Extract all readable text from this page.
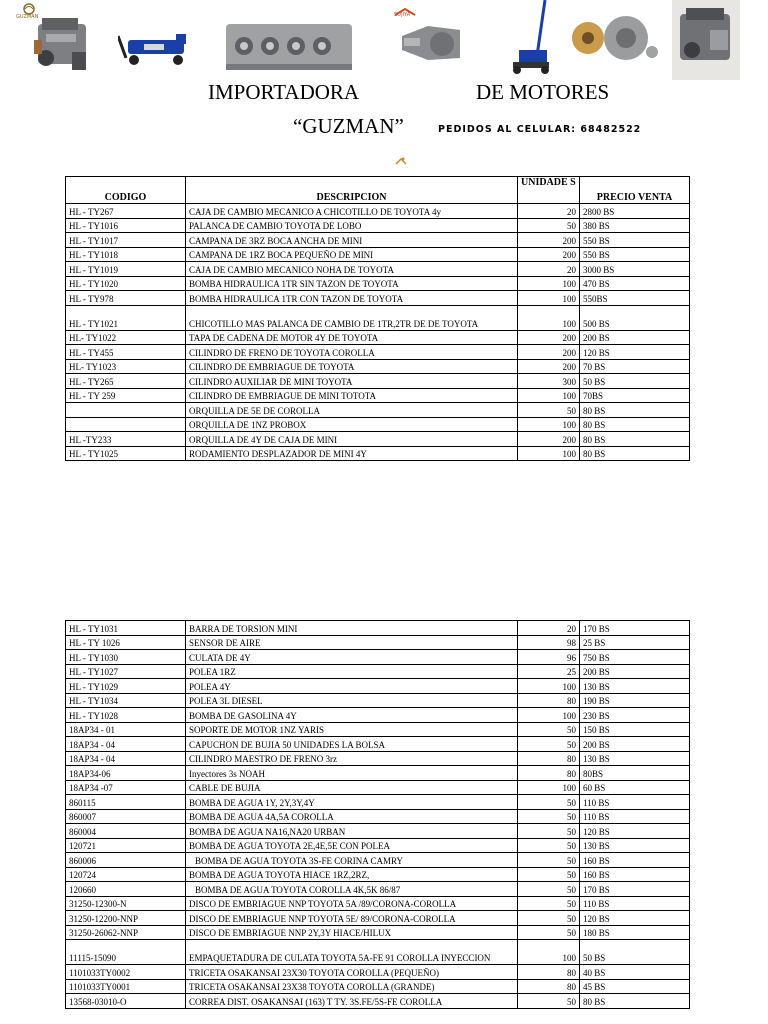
GUZMAN	SOJIYA
IMPORTADORA	DE MOTORES
“GUZMAN”	PEDIDOS AL CELULAR: 68482522
CODIGO	DESCRIPCION	UNIDADE S	PRECIO VENTA
HL - TY267	CAJA DE CAMBIO MECANICO A CHICOTILLO DE TOYOTA 4y	20	2800 BS
HL - TY1016	PALANCA DE CAMBIO TOYOTA DE LOBO	50	380 BS
HL - TY1017	CAMPANA DE 3RZ BOCA ANCHA DE MINI	200	550 BS
HL - TY1018	CAMPANA DE 1RZ BOCA PEQUEÑO DE MINI	200	550 BS
HL - TY1019	CAJA DE CAMBIO MECANICO NOHA DE TOYOTA	20	3000 BS
HL - TY1020	BOMBA HIDRAULICA 1TR SIN TAZON DE TOYOTA	100	470 BS
HL - TY978	BOMBA HIDRAULICA 1TR CON TAZON DE TOYOTA	100	550BS
HL - TY1021	CHICOTILLO MAS PALANCA DE CAMBIO DE 1TR,2TR DE DE TOYOTA	100	500 BS
HL- TY1022	TAPA DE CADENA DE MOTOR 4Y DE TOYOTA	200	200 BS
HL - TY455	CILINDRO DE FRENO DE TOYOTA COROLLA	200	120 BS
HL- TY1023	CILINDRO DE EMBRIAGUE DE TOYOTA	200	70 BS
HL - TY265	CILINDRO AUXILIAR DE MINI TOYOTA	300	50 BS
HL - TY 259	CILINDRO DE EMBRIAGUE DE MINI TOTOTA	100	70BS
	ORQUILLA DE 5E DE COROLLA	50	80 BS
	ORQUILLA DE 1NZ PROBOX	100	80 BS
HL -TY233	ORQUILLA DE 4Y DE CAJA DE MINI	200	80 BS
HL - TY1025	RODAMIENTO DESPLAZADOR DE MINI 4Y	100	80 BS
HL - TY1031	BARRA DE TORSION MINI	20	170 BS
HL - TY 1026	SENSOR DE AIRE	98	25 BS
HL - TY1030	CULATA DE 4Y	96	750 BS
HL - TY1027	POLEA 1RZ	25	200 BS
HL - TY1029	POLEA 4Y	100	130 BS
HL - TY1034	POLEA 3L DIESEL	80	190 BS
HL - TY1028	BOMBA DE GASOLINA 4Y	100	230 BS
18AP34 - 01	SOPORTE DE MOTOR 1NZ YARIS	50	150 BS
18AP34 - 04	CAPUCHON DE BUJIA 50 UNIDADES LA BOLSA	50	200 BS
18AP34 - 04	CILINDRO MAESTRO DE FRENO 3rz	80	130 BS
18AP34-06	Inyectores 3s NOAH	80	80BS
18AP34 -07	CABLE DE BUJIA	100	60 BS
860115	BOMBA DE AGUA 1Y, 2Y,3Y,4Y	50	110 BS
860007	BOMBA DE AGUA 4A,5A COROLLA	50	110 BS
860004	BOMBA DE AGUA NA16,NA20 URBAN	50	120 BS
120721	BOMBA DE AGUA TOYOTA 2E,4E,5E CON POLEA	50	130 BS
860006	BOMBA DE AGUA TOYOTA 3S-FE CORINA CAMRY	50	160 BS
120724	BOMBA DE AGUA TOYOTA HIACE 1RZ,2RZ,	50	160 BS
120660	BOMBA DE AGUA TOYOTA COROLLA 4K,5K 86/87	50	170 BS
31250-12300-N	DISCO DE EMBRIAGUE NNP TOYOTA 5A /89/CORONA-COROLLA	50	110 BS
31250-12200-NNP	DISCO DE EMBRIAGUE NNP TOYOTA 5E/ 89/CORONA-COROLLA	50	120 BS
31250-26062-NNP	DISCO DE EMBRIAGUE NNP 2Y,3Y HIACE/HILUX	50	180 BS
11115-15090	EMPAQUETADURA DE CULATA TOYOTA 5A-FE 91 COROLLA INYECCION	100	50 BS
1101033TY0002	TRICETA OSAKANSAI 23X30 TOYOTA COROLLA (PEQUEÑO)	80	40 BS
1101033TY0001	TRICETA OSAKANSAI 23X38 TOYOTA COROLLA (GRANDE)	80	45 BS
13568-03010-O	CORREA DIST. OSAKANSAI (163) T TY. 3S.FE/5S-FE COROLLA	50	80 BS
